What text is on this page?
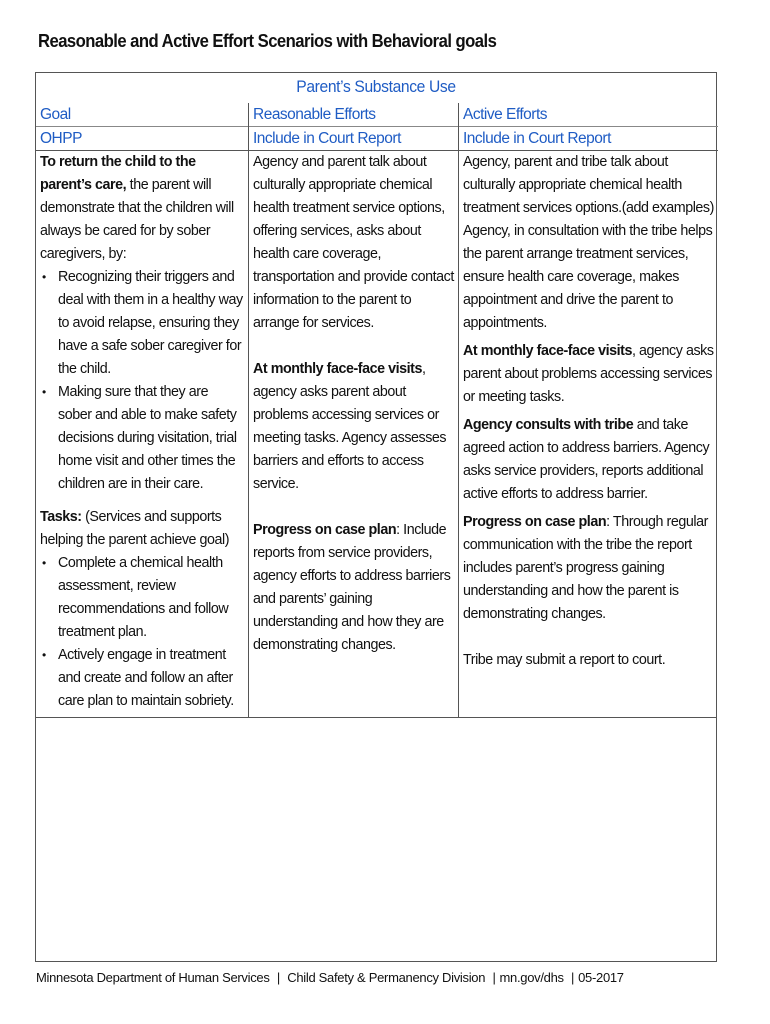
Reasonable and Active Effort Scenarios with Behavioral goals
Parent’s Substance Use
Goal
OHPP

To return the child to the parent’s care, the parent will demonstrate that the children will always be cared for by sober caregivers, by:

• Recognizing their triggers and deal with them in a healthy way to avoid relapse, ensuring they have a safe sober caregiver for the child.
• Making sure that they are sober and able to make safety decisions during visitation, trial home visit and other times the children are in their care.

Tasks: (Services and supports helping the parent achieve goal)

• Complete a chemical health assessment, review recommendations and follow treatment plan.
• Actively engage in treatment and create and follow an after care plan to maintain sobriety.
Reasonable Efforts
Include in Court Report

Agency and parent talk about culturally appropriate chemical health treatment service options, offering services, asks about health care coverage, transportation and provide contact information to the parent to arrange for services.

At monthly face-face visits, agency asks parent about problems accessing services or meeting tasks. Agency assesses barriers and efforts to access service.

Progress on case plan: Include reports from service providers, agency efforts to address barriers and parents’ gaining understanding and how they are demonstrating changes.

Active Efforts
Include in Court Report

Agency, parent and tribe talk about culturally appropriate chemical health treatment services options.(add examples) Agency, in consultation with the tribe helps the parent arrange treatment services, ensure health care coverage, makes appointment and drive the parent to appointments.

At monthly face-face visits, agency asks parent about problems accessing services or meeting tasks.

Agency consults with tribe and take agreed action to address barriers. Agency asks service providers, reports additional active efforts to address barrier.

Progress on case plan: Through regular communication with the tribe the report includes parent’s progress gaining understanding and how the parent is demonstrating changes.

Tribe may submit a report to court.

Minnesota Department of Human Services | Child Safety & Permanency Division | mn.gov/dhs | 05-2017
